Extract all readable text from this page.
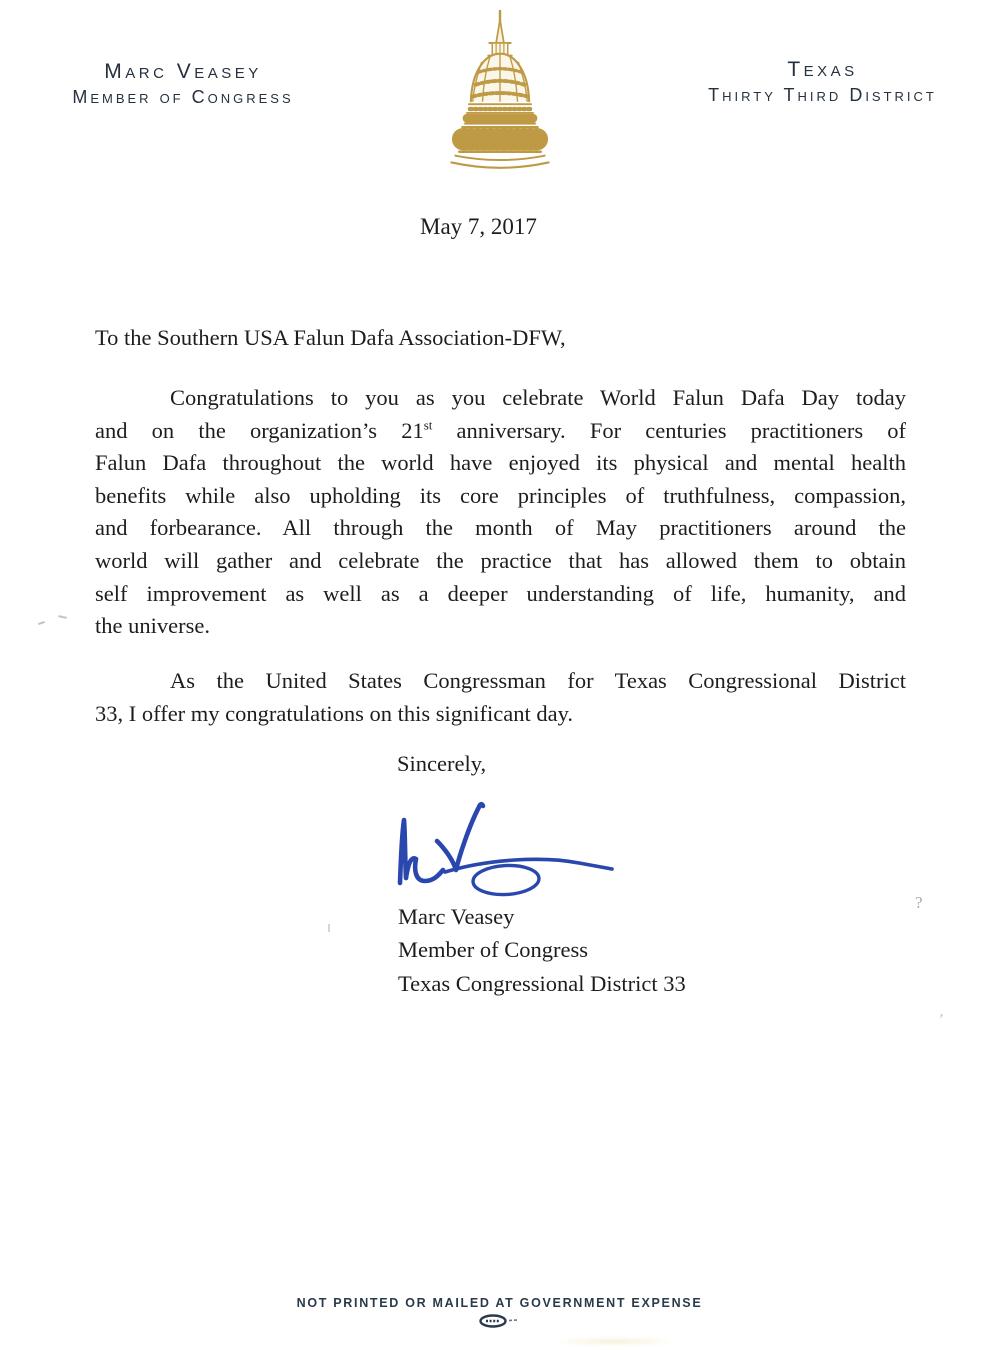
Marc Veasey
Member of Congress
Texas
Thirty Third District
May 7, 2017
To the Southern USA Falun Dafa Association-DFW,
Congratulations to you as you celebrate World Falun Dafa Day today
and on the organization’s 21st anniversary. For centuries practitioners of
Falun Dafa throughout the world have enjoyed its physical and mental health
benefits while also upholding its core principles of truthfulness, compassion,
and forbearance. All through the month of May practitioners around the
world will gather and celebrate the practice that has allowed them to obtain
self improvement as well as a deeper understanding of life, humanity, and
the universe.
As the United States Congressman for Texas Congressional District
33, I offer my congratulations on this significant day.
Sincerely,
Marc Veasey
Member of Congress
Texas Congressional District 33
NOT PRINTED OR MAILED AT GOVERNMENT EXPENSE
?
’
